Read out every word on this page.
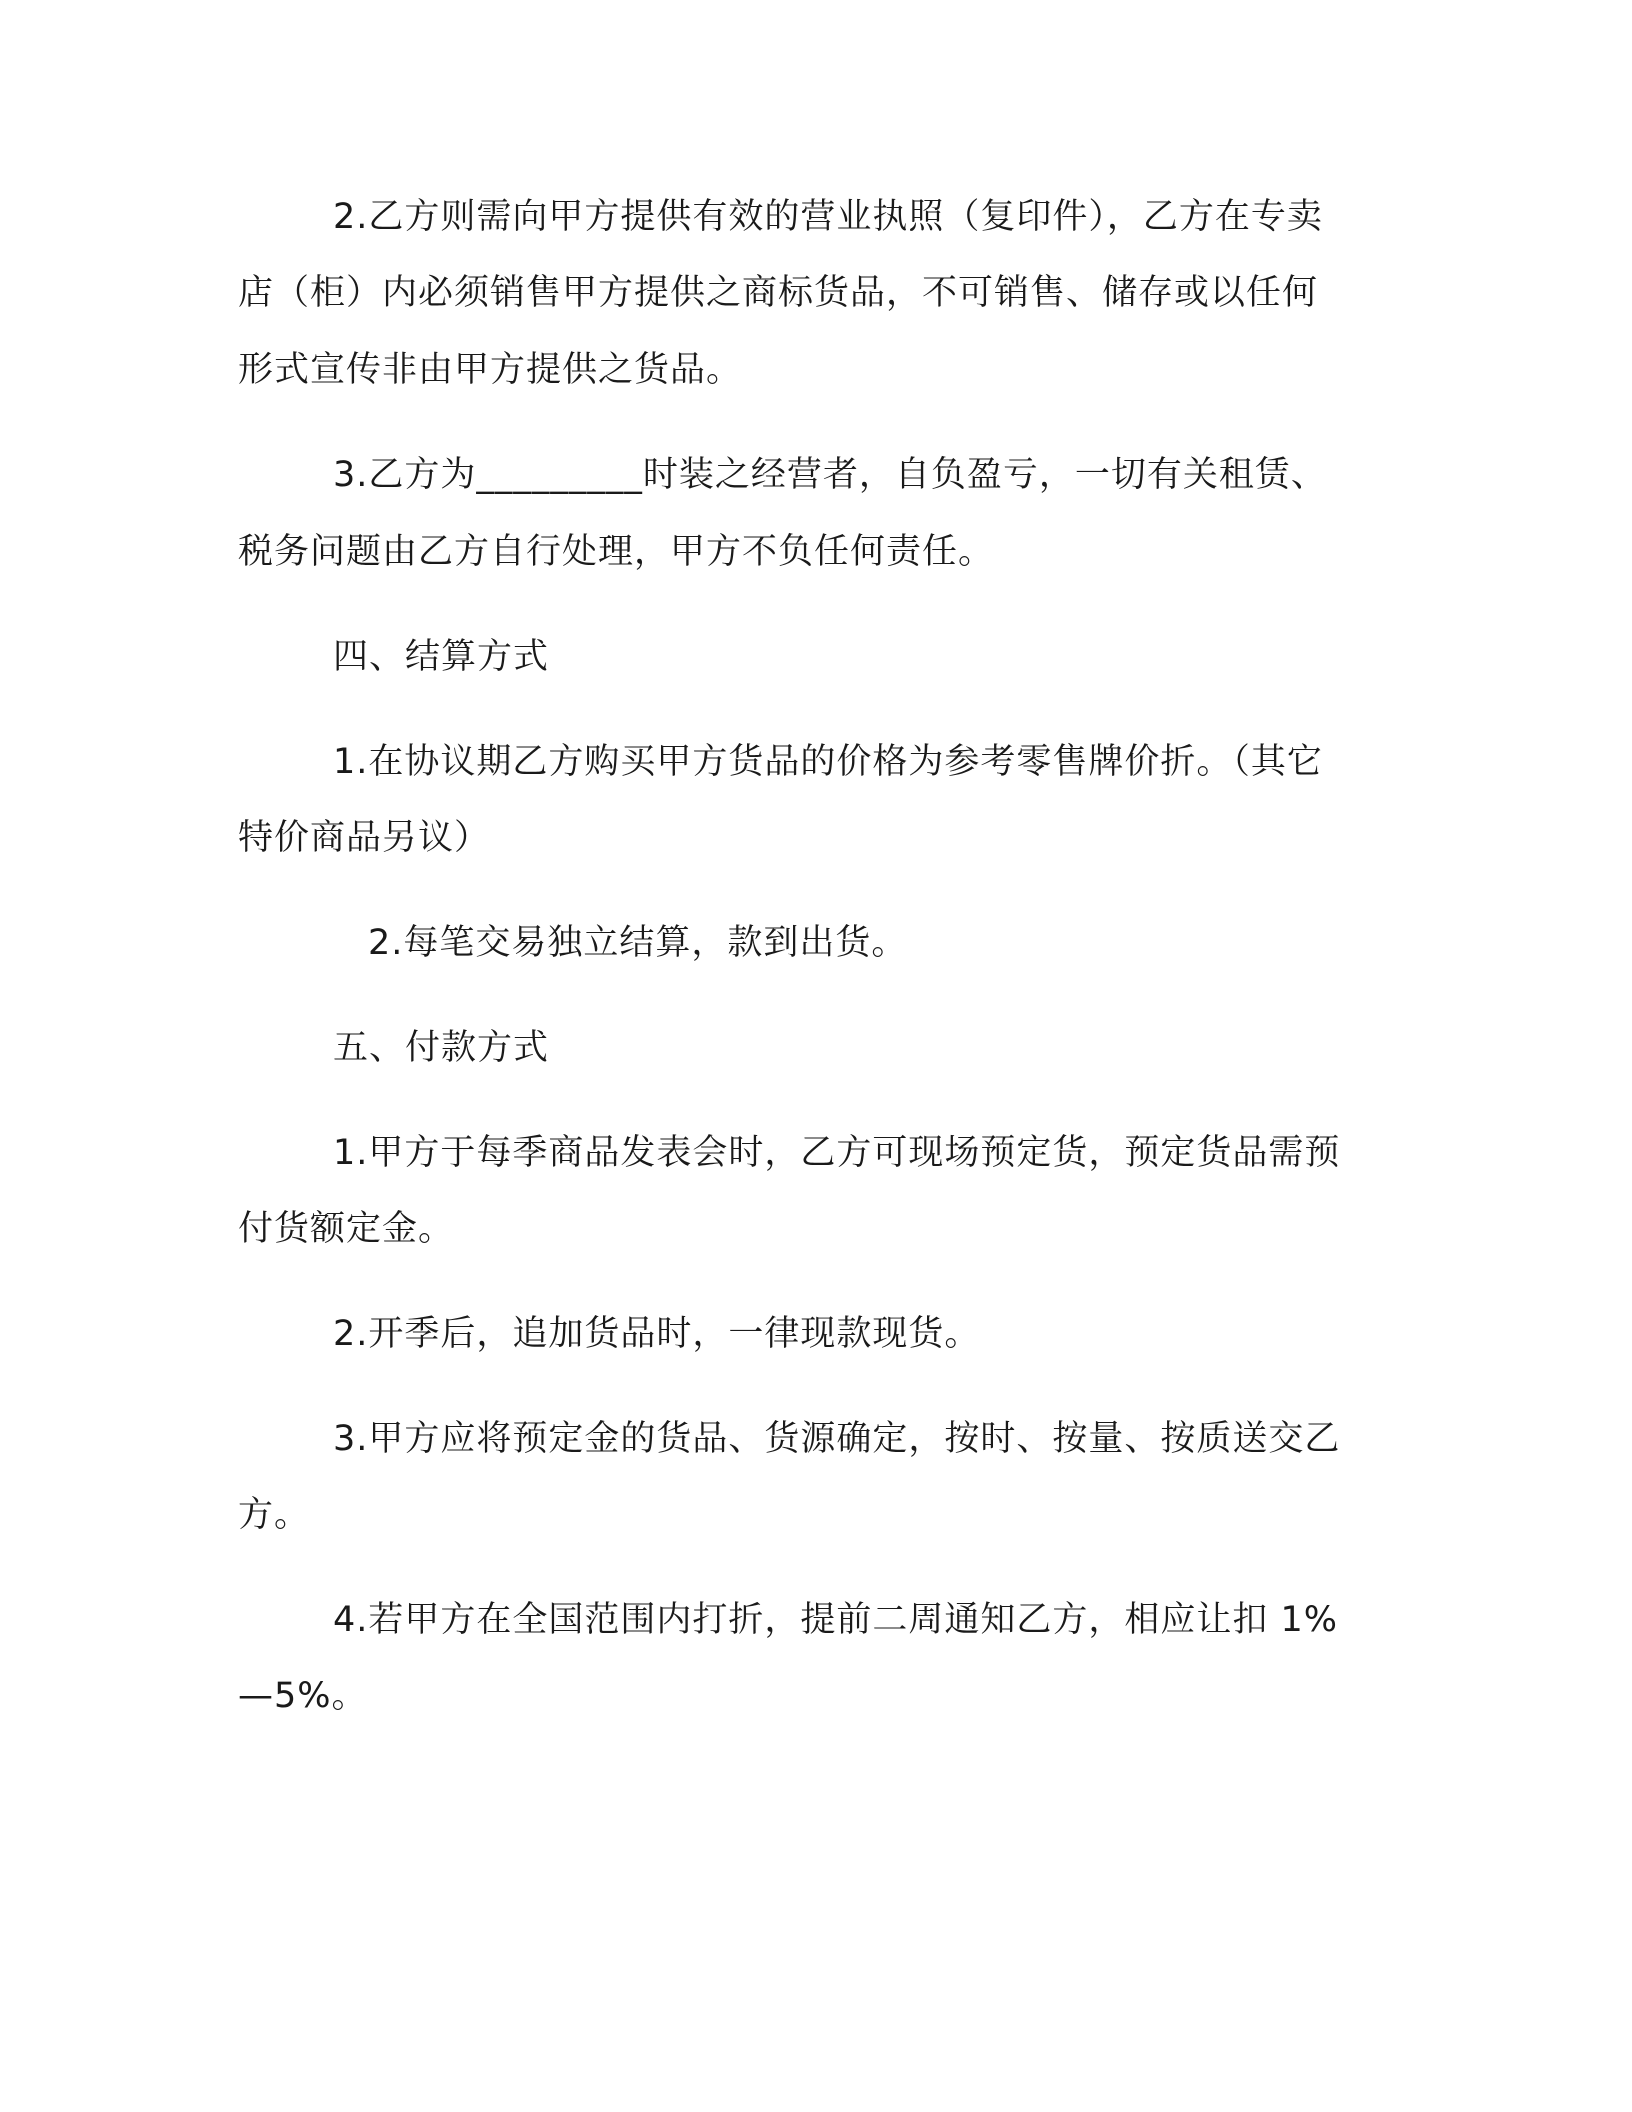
2.乙方则需向甲方提供有效的营业执照（复印件），乙方在专卖

店（柜）内必须销售甲方提供之商标货品，不可销售、储存或以任何

形式宣传非由甲方提供之货品。

3.乙方为_________时装之经营者，自负盈亏，一切有关租赁、

税务问题由乙方自行处理，甲方不负任何责任。

四、结算方式

1.在协议期乙方购买甲方货品的价格为参考零售牌价折。（其它

特价商品另议）

2.每笔交易独立结算，款到出货。

五、付款方式

1.甲方于每季商品发表会时，乙方可现场预定货，预定货品需预

付货额定金。

2.开季后，追加货品时，一律现款现货。

3.甲方应将预定金的货品、货源确定，按时、按量、按质送交乙

方。

4.若甲方在全国范围内打折，提前二周通知乙方，相应让扣 1%

—5%。
